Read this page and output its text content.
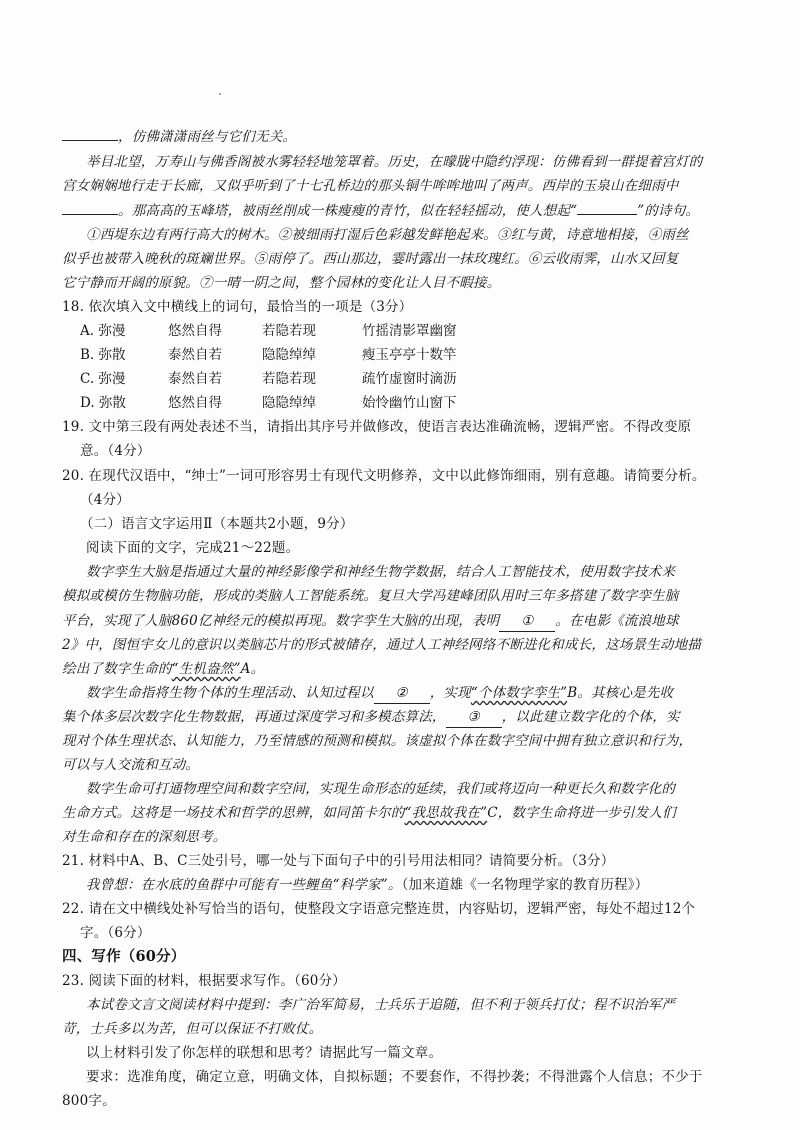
，仿佛潇潇雨丝与它们无关。
举目北望，万寿山与佛香阁被水雾轻轻地笼罩着。历史，在曚胧中隐约浮现：仿佛看到一群提着宫灯的
宫女娴娴地行走于长廊，又似乎听到了十七孔桥边的那头铜牛哞哞地叫了两声。西岸的玉泉山在细雨中
。那高高的玉峰塔，被雨丝削成一株瘦瘦的青竹，似在轻轻摇动，使人想起“	”的诗句。
①西堤东边有两行高大的树木。②被细雨打湿后色彩越发鲜艳起来。③红与黄，诗意地相接，④雨丝
似乎也被带入晚秋的斑斓世界。⑤雨停了。西山那边，霎时露出一抹玫瑰红。⑥云收雨霁，山水又回复
它宁静而开阔的原貌。⑦一晴一阴之间，整个园林的变化让人目不暇接。
18. 依次填入文中横线上的词句，最恰当的一项是（3分）
A. 弥漫	悠然自得	若隐若现	竹摇清影罩幽窗
B. 弥散	泰然自若	隐隐绰绰	瘦玉亭亭十数竿
C. 弥漫	泰然自若	若隐若现	疏竹虚窗时滴沥
D. 弥散	悠然自得	隐隐绰绰	始怜幽竹山窗下
19. 文中第三段有两处表述不当，请指出其序号并做修改，使语言表达准确流畅，逻辑严密。不得改变原
意。（4分）
20. 在现代汉语中，“绅士”一词可形容男士有现代文明修养，文中以此修饰细雨，别有意趣。请简要分析。
（4分）
（二）语言文字运用Ⅱ（本题共2小题，9分）
阅读下面的文字，完成21～22题。
数字孪生大脑是指通过大量的神经影像学和神经生物学数据，结合人工智能技术，使用数字技术来
模拟或模仿生物脑功能，形成的类脑人工智能系统。复旦大学冯建峰团队用时三年多搭建了数字孪生脑
平台，实现了人脑860亿神经元的模拟再现。数字孪生大脑的出现，表明 ① 。在电影《流浪地球
2》中，图恒宇女儿的意识以类脑芯片的形式被储存，通过人工神经网络不断进化和成长，这场景生动地描
绘出了数字生命的“生机盎然”A。
数字生命指将生物个体的生理活动、认知过程以 ② ，实现“个体数字孪生”B。其核心是先收
集个体多层次数字化生物数据，再通过深度学习和多模态算法， ③ ，以此建立数字化的个体，实
现对个体生理状态、认知能力，乃至情感的预测和模拟。该虚拟个体在数字空间中拥有独立意识和行为，
可以与人交流和互动。
数字生命可打通物理空间和数字空间，实现生命形态的延续，我们或将迈向一种更长久和数字化的
生命方式。这将是一场技术和哲学的思辨，如同笛卡尔的“我思故我在”C，数字生命将进一步引发人们
对生命和存在的深刻思考。
21. 材料中A、B、C三处引号，哪一处与下面句子中的引号用法相同？请简要分析。（3分）
我曾想：在水底的鱼群中可能有一些鲤鱼“科学家”。（加来道雄《一名物理学家的教育历程》）
22. 请在文中横线处补写恰当的语句，使整段文字语意完整连贯，内容贴切，逻辑严密，每处不超过12个
字。（6分）
四、写作（60分）
23. 阅读下面的材料，根据要求写作。（60分）
本试卷文言文阅读材料中提到：李广治军简易，士兵乐于追随，但不利于领兵打仗；程不识治军严
苛，士兵多以为苦，但可以保证不打败仗。
以上材料引发了你怎样的联想和思考？请据此写一篇文章。
要求：选准角度，确定立意，明确文体，自拟标题；不要套作，不得抄袭；不得泄露个人信息；不少于
800字。
